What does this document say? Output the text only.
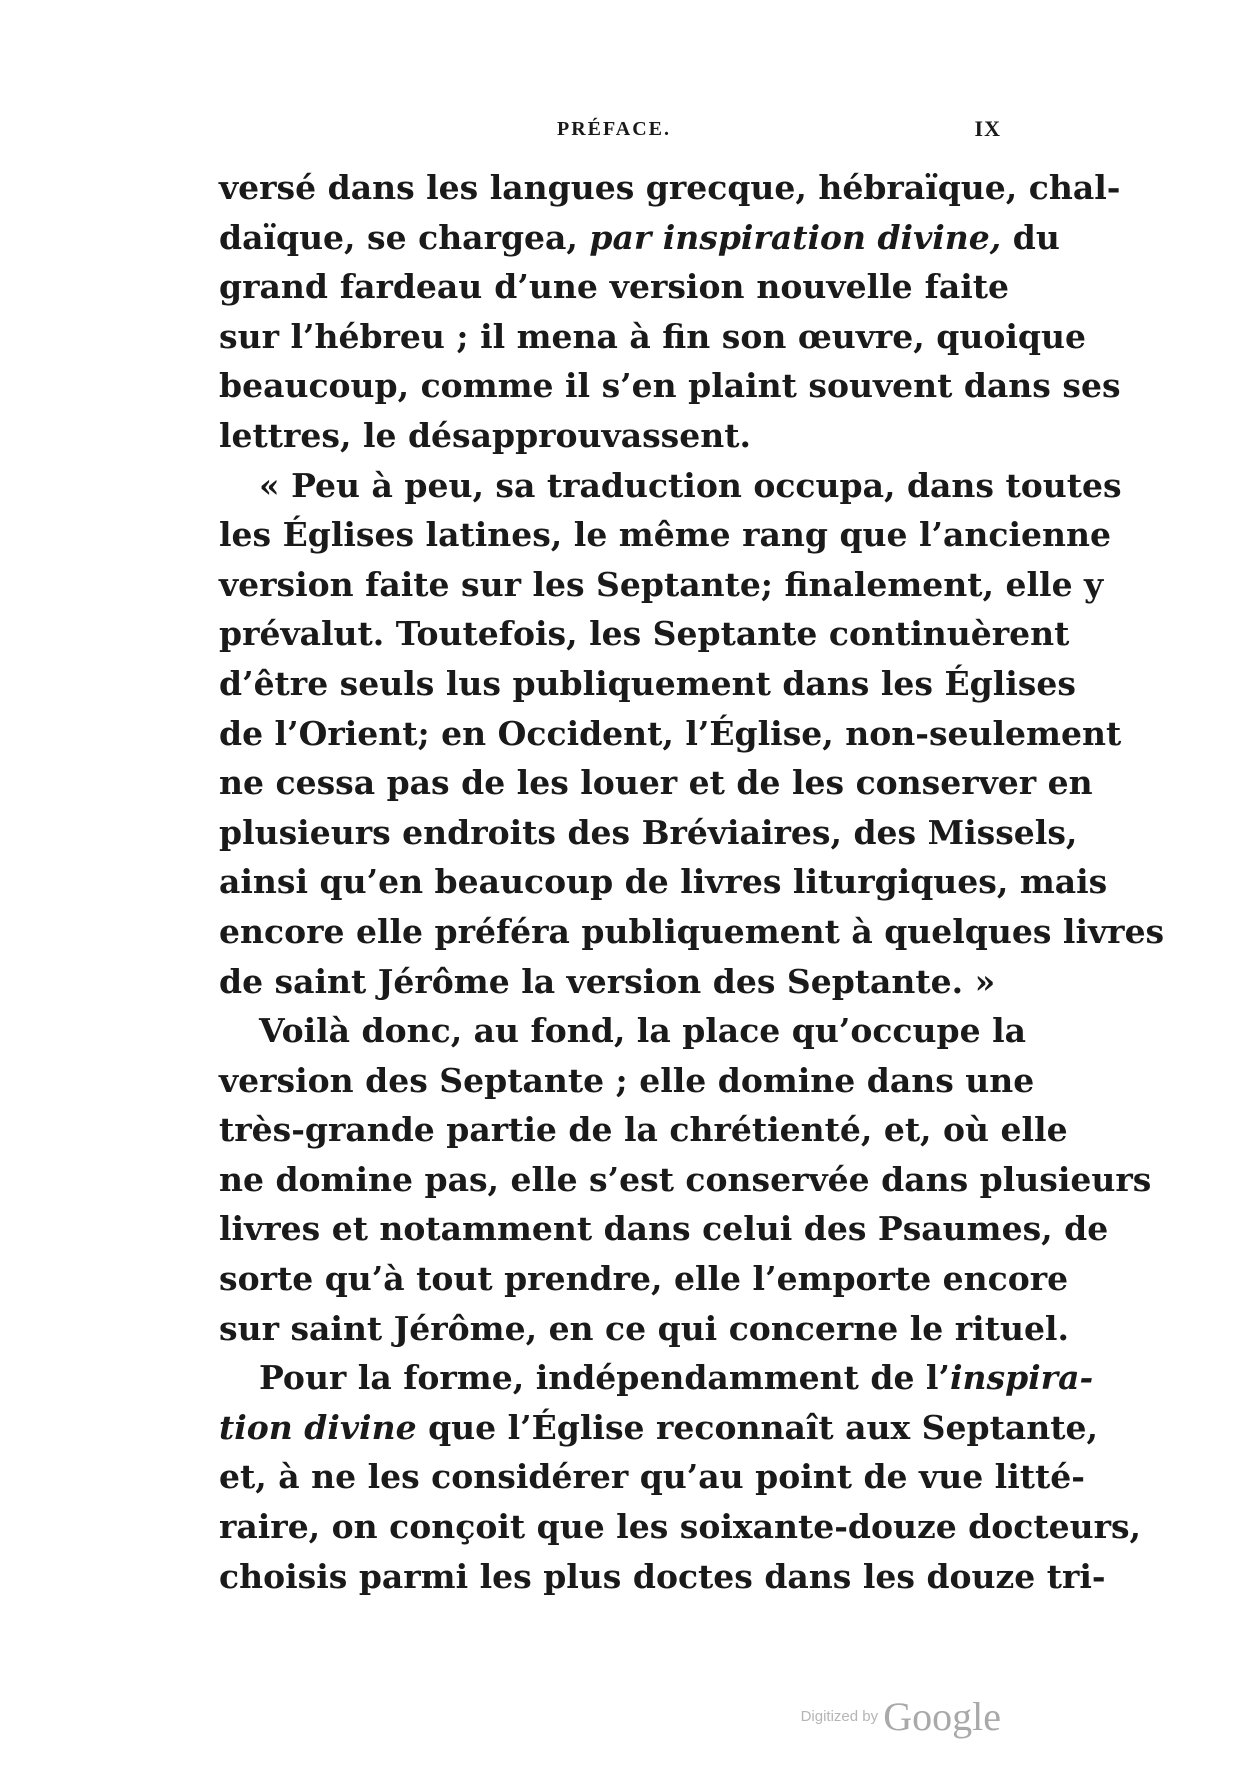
PRÉFACE.	IX
versé dans les langues grecque, hébraïque, chal-
daïque, se chargea, par inspiration divine, du
grand fardeau d’une version nouvelle faite
sur l’hébreu ; il mena à fin son œuvre, quoique
beaucoup, comme il s’en plaint souvent dans ses
lettres, le désapprouvassent.
« Peu à peu, sa traduction occupa, dans toutes
les Églises latines, le même rang que l’ancienne
version faite sur les Septante; finalement, elle y
prévalut. Toutefois, les Septante continuèrent
d’être seuls lus publiquement dans les Églises
de l’Orient; en Occident, l’Église, non-seulement
ne cessa pas de les louer et de les conserver en
plusieurs endroits des Bréviaires, des Missels,
ainsi qu’en beaucoup de livres liturgiques, mais
encore elle préféra publiquement à quelques livres
de saint Jérôme la version des Septante. »
Voilà donc, au fond, la place qu’occupe la
version des Septante ; elle domine dans une
très-grande partie de la chrétienté, et, où elle
ne domine pas, elle s’est conservée dans plusieurs
livres et notamment dans celui des Psaumes, de
sorte qu’à tout prendre, elle l’emporte encore
sur saint Jérôme, en ce qui concerne le rituel.
Pour la forme, indépendamment de l’inspira-
tion divine que l’Église reconnaît aux Septante,
et, à ne les considérer qu’au point de vue litté-
raire, on conçoit que les soixante-douze docteurs,
choisis parmi les plus doctes dans les douze tri-
Digitized by Google
